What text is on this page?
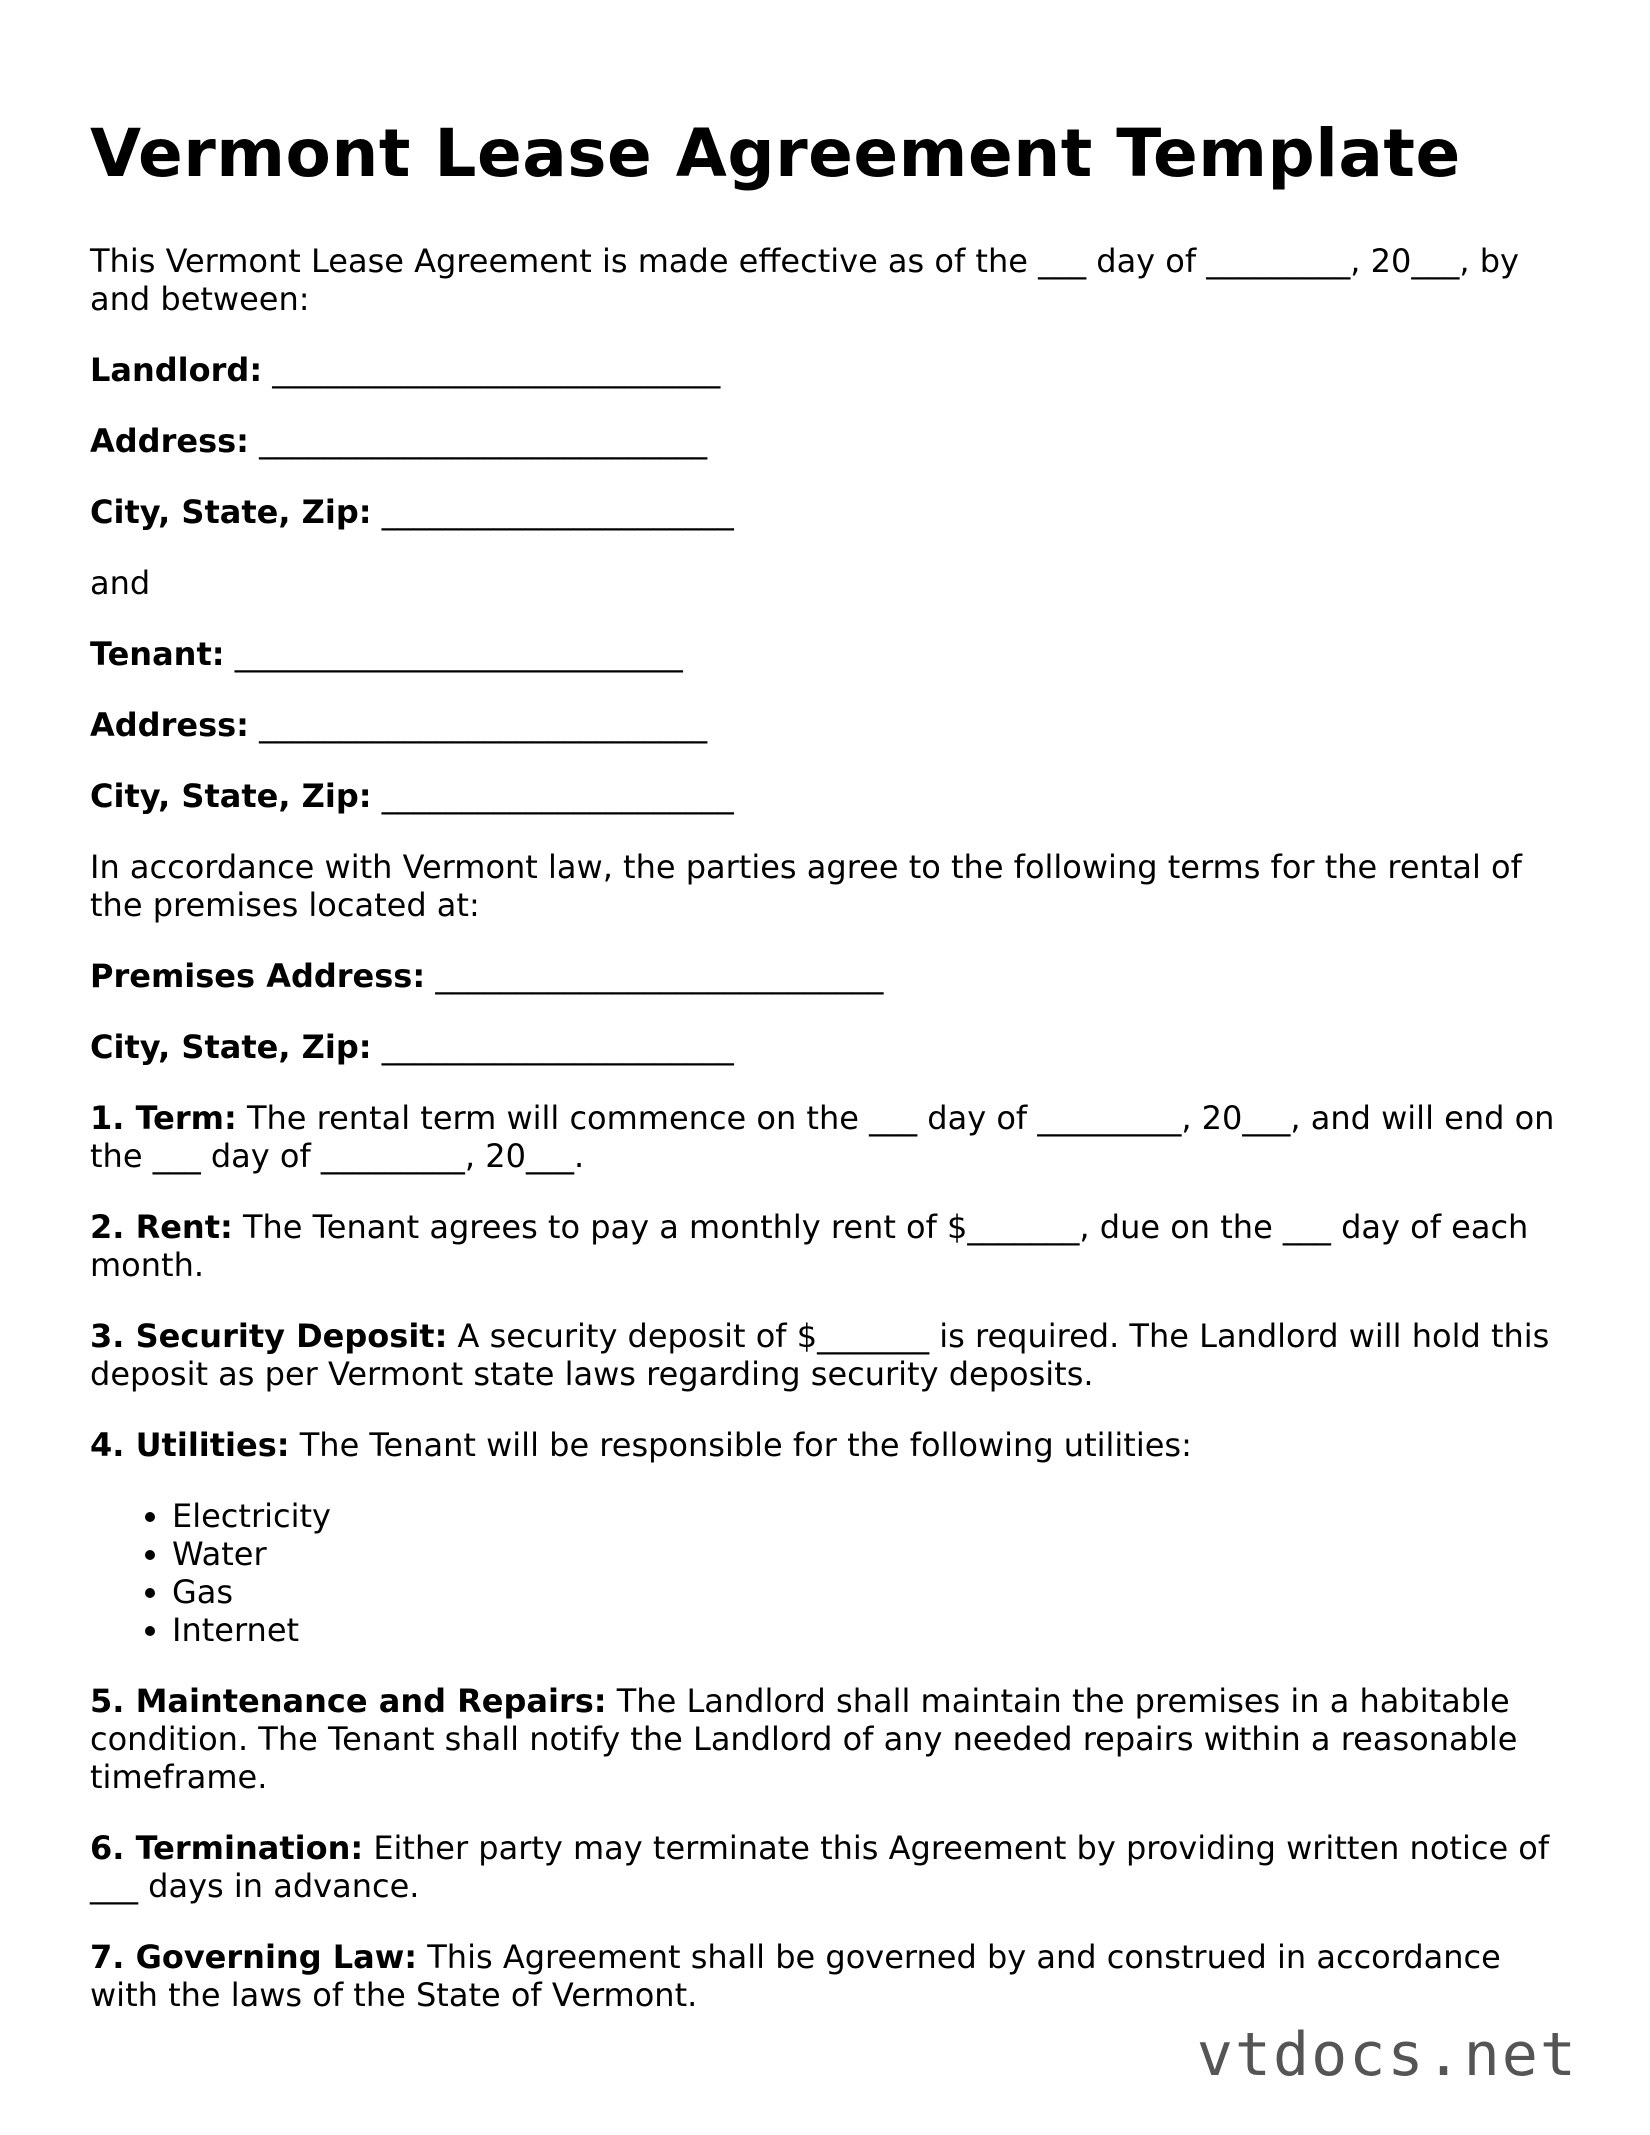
Vermont Lease Agreement Template

This Vermont Lease Agreement is made effective as of the ___ day of _________, 20___, by and between:

Landlord: ____________________________

Address: ____________________________

City, State, Zip: ______________________

and

Tenant: ____________________________

Address: ____________________________

City, State, Zip: ______________________

In accordance with Vermont law, the parties agree to the following terms for the rental of the premises located at:

Premises Address: ____________________________

City, State, Zip: ______________________

1. Term: The rental term will commence on the ___ day of _________, 20___, and will end on the ___ day of _________, 20___.

2. Rent: The Tenant agrees to pay a monthly rent of $_______, due on the ___ day of each month.

3. Security Deposit: A security deposit of $_______ is required. The Landlord will hold this deposit as per Vermont state laws regarding security deposits.

4. Utilities: The Tenant will be responsible for the following utilities:

• Electricity
• Water
• Gas
• Internet

5. Maintenance and Repairs: The Landlord shall maintain the premises in a habitable condition. The Tenant shall notify the Landlord of any needed repairs within a reasonable timeframe.

6. Termination: Either party may terminate this Agreement by providing written notice of ___ days in advance.

7. Governing Law: This Agreement shall be governed by and construed in accordance with the laws of the State of Vermont.

vtdocs.net
